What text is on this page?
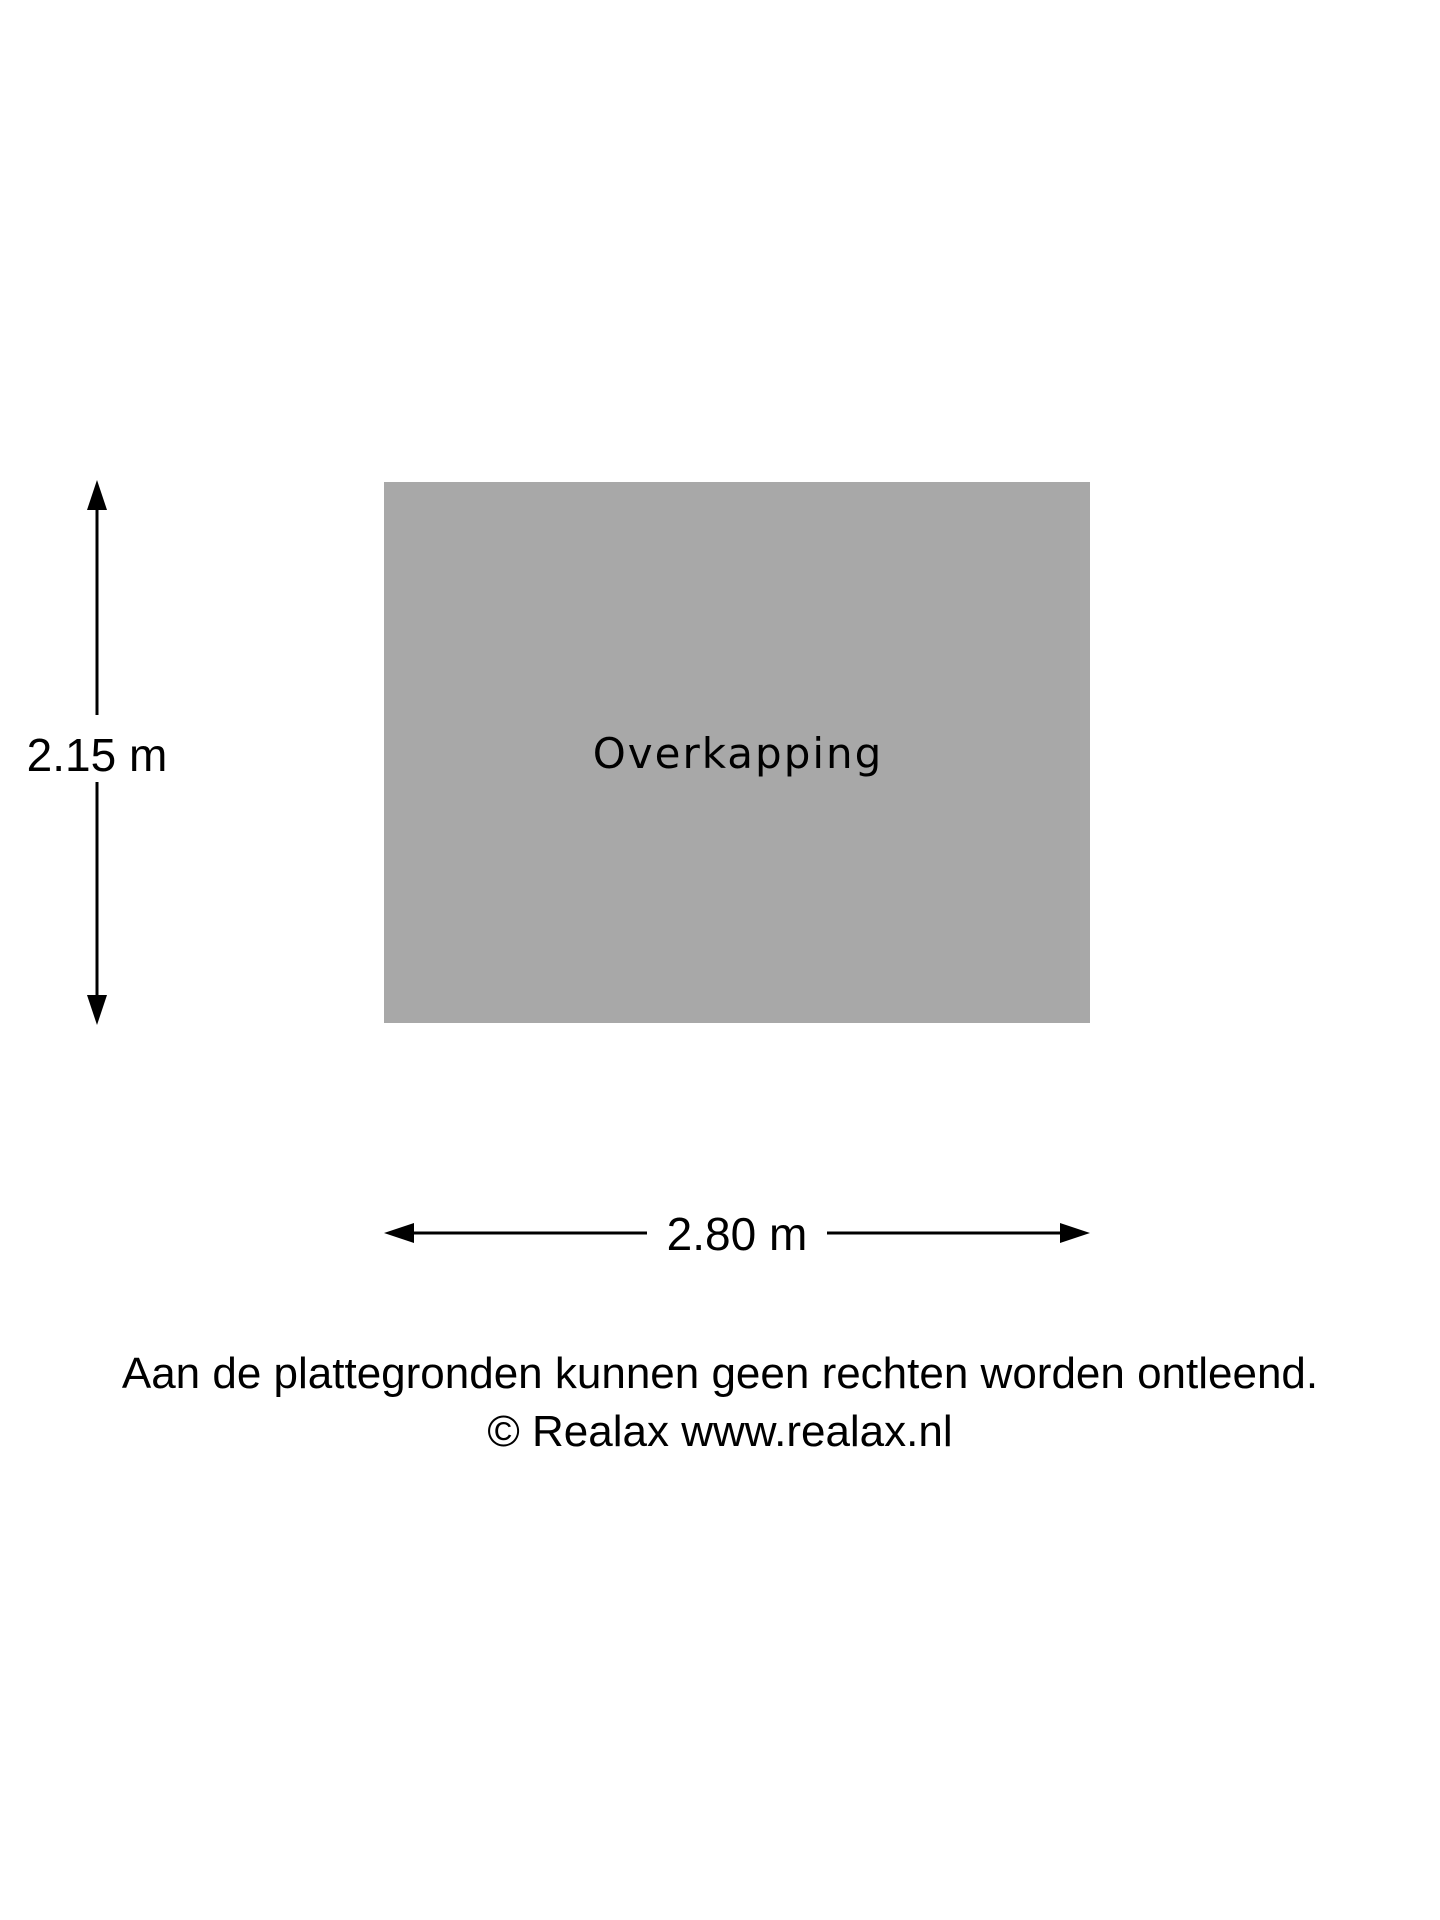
Overkapping
2.15 m
2.80 m
Aan de plattegronden kunnen geen rechten worden ontleend.
© Realax www.realax.nl
